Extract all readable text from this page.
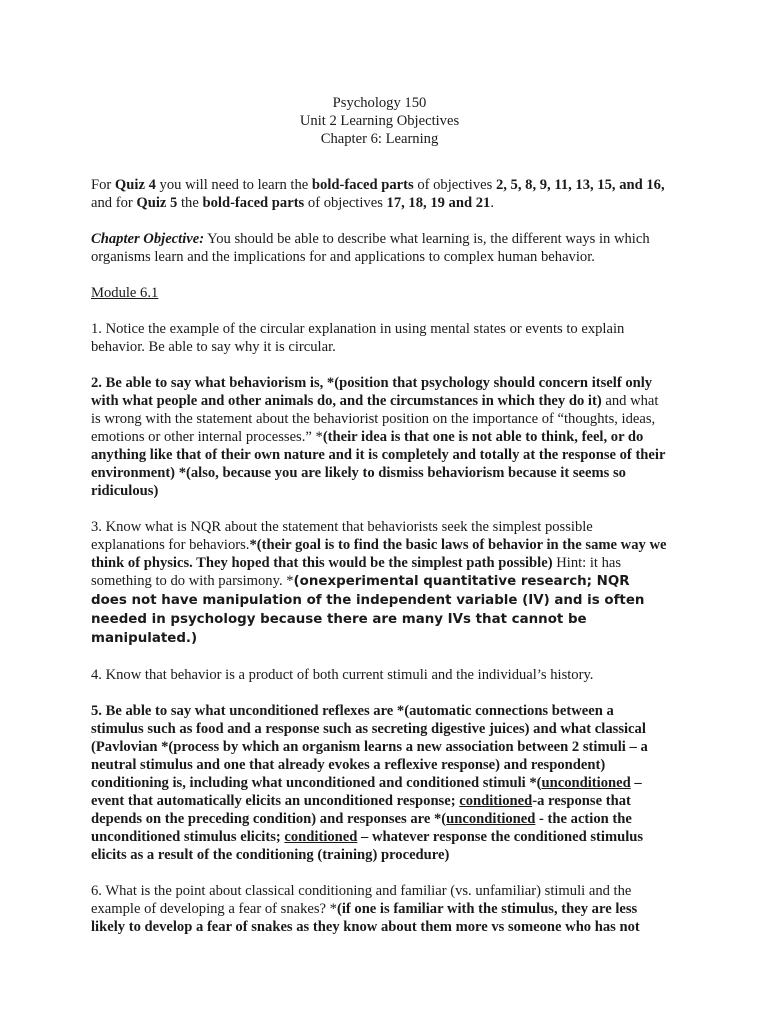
Psychology 150
Unit 2 Learning Objectives
Chapter 6: Learning

For Quiz 4 you will need to learn the bold-faced parts of objectives 2, 5, 8, 9, 11, 13, 15, and 16, and for Quiz 5 the bold-faced parts of objectives 17, 18, 19 and 21.

Chapter Objective: You should be able to describe what learning is, the different ways in which organisms learn and the implications for and applications to complex human behavior.

Module 6.1

1. Notice the example of the circular explanation in using mental states or events to explain behavior. Be able to say why it is circular.

2. Be able to say what behaviorism is, *(position that psychology should concern itself only with what people and other animals do, and the circumstances in which they do it) and what is wrong with the statement about the behaviorist position on the importance of “thoughts, ideas, emotions or other internal processes.” *(their idea is that one is not able to think, feel, or do anything like that of their own nature and it is completely and totally at the response of their environment) *(also, because you are likely to dismiss behaviorism because it seems so ridiculous)

3. Know what is NQR about the statement that behaviorists seek the simplest possible explanations for behaviors.*(their goal is to find the basic laws of behavior in the same way we think of physics. They hoped that this would be the simplest path possible) Hint: it has something to do with parsimony. *(onexperimental quantitative research; NQR does not have manipulation of the independent variable (IV) and is often needed in psychology because there are many IVs that cannot be manipulated.)

4. Know that behavior is a product of both current stimuli and the individual’s history.

5. Be able to say what unconditioned reflexes are *(automatic connections between a stimulus such as food and a response such as secreting digestive juices) and what classical (Pavlovian *(process by which an organism learns a new association between 2 stimuli – a neutral stimulus and one that already evokes a reflexive response) and respondent) conditioning is, including what unconditioned and conditioned stimuli *(unconditioned – event that automatically elicits an unconditioned response; conditioned-a response that depends on the preceding condition) and responses are *(unconditioned - the action the unconditioned stimulus elicits; conditioned – whatever response the conditioned stimulus elicits as a result of the conditioning (training) procedure)

6. What is the point about classical conditioning and familiar (vs. unfamiliar) stimuli and the example of developing a fear of snakes? *(if one is familiar with the stimulus, they are less likely to develop a fear of snakes as they know about them more vs someone who has not
